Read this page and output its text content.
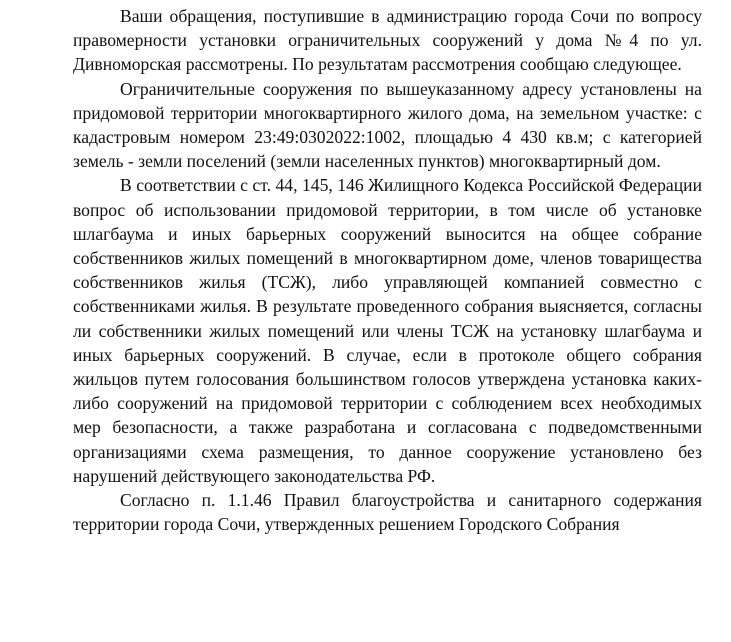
Ваши обращения, поступившие в администрацию города Сочи по вопросу правомерности установки ограничительных сооружений у дома №4 по ул. Дивноморская рассмотрены. По результатам рассмотрения сообщаю следующее.

Ограничительные сооружения по вышеуказанному адресу установлены на придомовой территории многоквартирного жилого дома, на земельном участке: с кадастровым номером 23:49:0302022:1002, площадью 4 430 кв.м; с категорией земель - земли поселений (земли населенных пунктов) многоквартирный дом.

В соответствии с ст. 44, 145, 146 Жилищного Кодекса Российской Федерации вопрос об использовании придомовой территории, в том числе об установке шлагбаума и иных барьерных сооружений выносится на общее собрание собственников жилых помещений в многоквартирном доме, членов товарищества собственников жилья (ТСЖ), либо управляющей компанией совместно с собственниками жилья. В результате проведенного собрания выясняется, согласны ли собственники жилых помещений или члены ТСЖ на установку шлагбаума и иных барьерных сооружений. В случае, если в протоколе общего собрания жильцов путем голосования большинством голосов утверждена установка каких-либо сооружений на придомовой территории с соблюдением всех необходимых мер безопасности, а также разработана и согласована с подведомственными организациями схема размещения, то данное сооружение установлено без нарушений действующего законодательства РФ.

Согласно п. 1.1.46 Правил благоустройства и санитарного содержания территории города Сочи, утвержденных решением Городского Собрания
